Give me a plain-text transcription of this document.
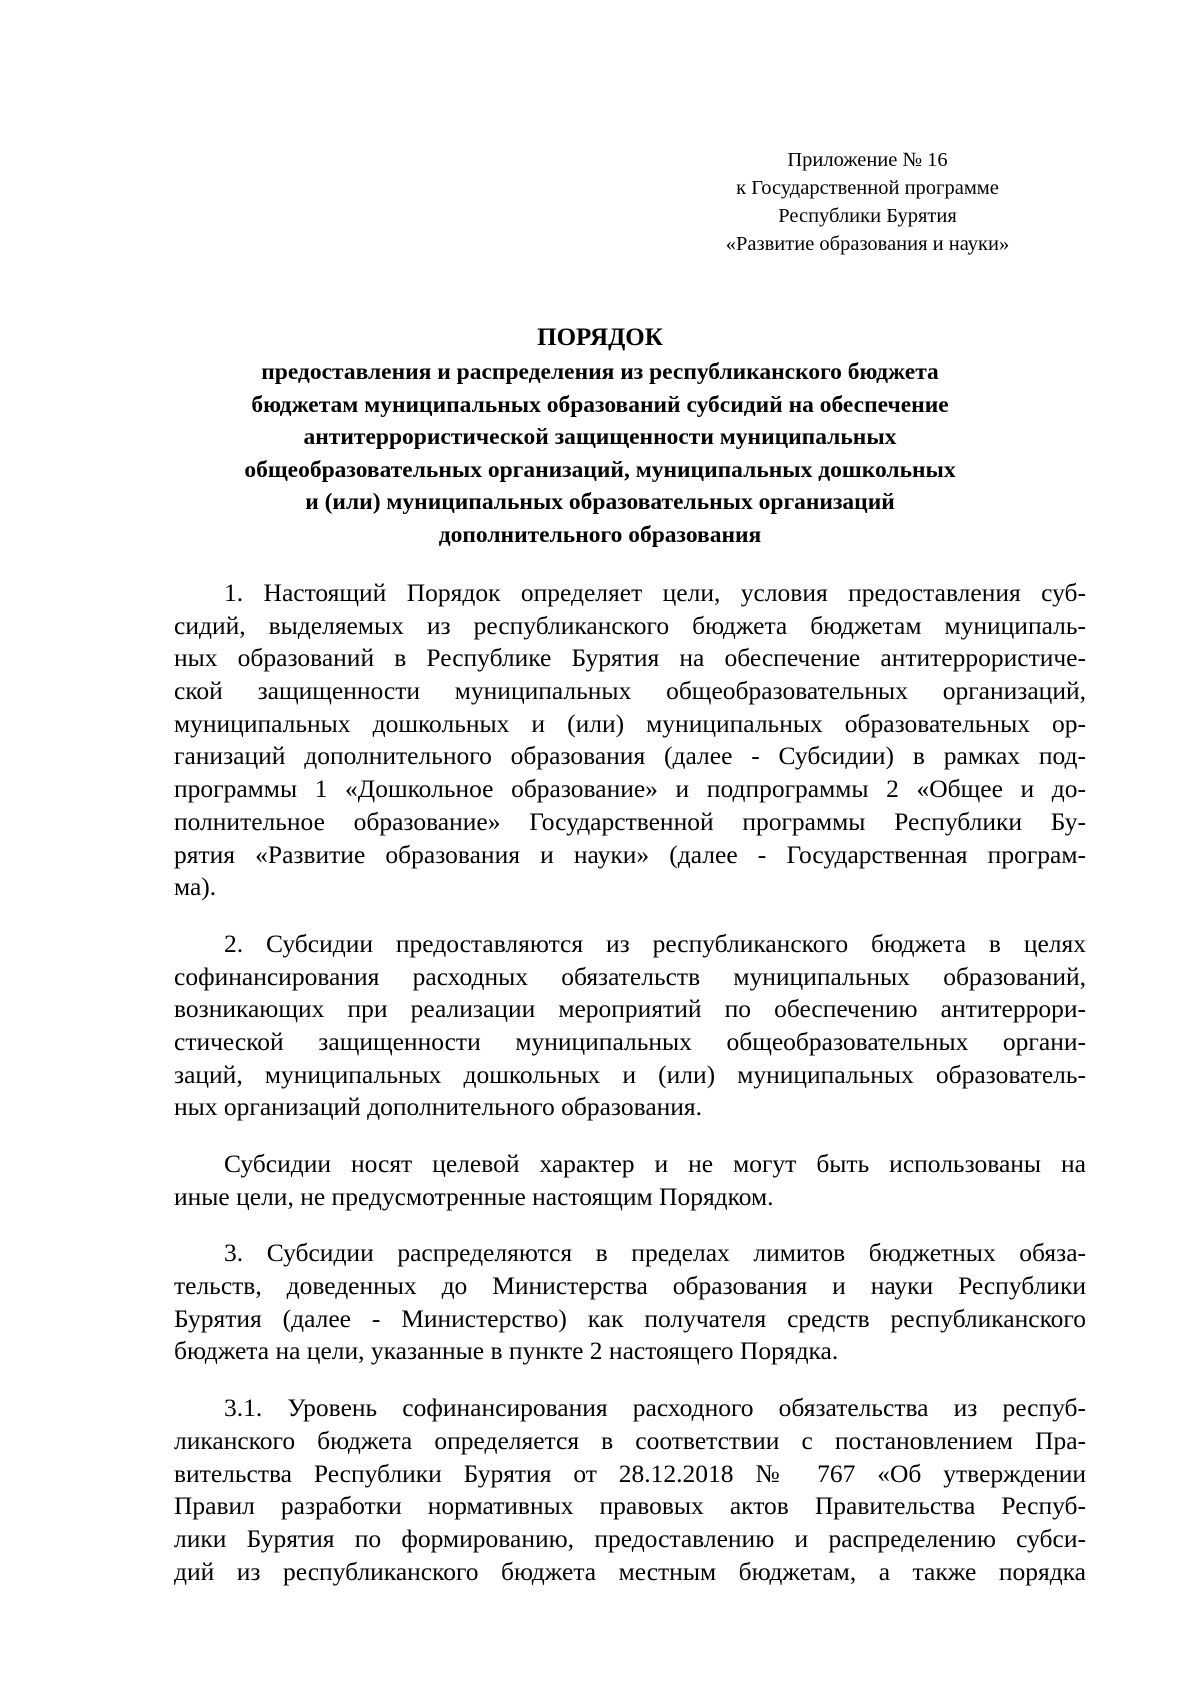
Приложение № 16
к Государственной программе
Республики Бурятия
«Развитие образования и науки»
ПОРЯДОК
предоставления и распределения из республиканского бюджета
бюджетам муниципальных образований субсидий на обеспечение
антитеррористической защищенности муниципальных
общеобразовательных организаций, муниципальных дошкольных
и (или) муниципальных образовательных организаций
дополнительного образования
1. Настоящий Порядок определяет цели, условия предоставления суб-
сидий, выделяемых из республиканского бюджета бюджетам муниципаль-
ных образований в Республике Бурятия на обеспечение антитеррористиче-
ской защищенности муниципальных общеобразовательных организаций,
муниципальных дошкольных и (или) муниципальных образовательных ор-
ганизаций дополнительного образования (далее - Субсидии) в рамках под-
программы 1 «Дошкольное образование» и подпрограммы 2 «Общее и до-
полнительное образование» Государственной программы Республики Бу-
рятия «Развитие образования и науки» (далее - Государственная програм-
ма).
2. Субсидии предоставляются из республиканского бюджета в целях
софинансирования расходных обязательств муниципальных образований,
возникающих при реализации мероприятий по обеспечению антитеррори-
стической защищенности муниципальных общеобразовательных органи-
заций, муниципальных дошкольных и (или) муниципальных образователь-
ных организаций дополнительного образования.
Субсидии носят целевой характер и не могут быть использованы на
иные цели, не предусмотренные настоящим Порядком.
3. Субсидии распределяются в пределах лимитов бюджетных обяза-
тельств, доведенных до Министерства образования и науки Республики
Бурятия (далее - Министерство) как получателя средств республиканского
бюджета на цели, указанные в пункте 2 настоящего Порядка.
3.1. Уровень софинансирования расходного обязательства из респуб-
ликанского бюджета определяется в соответствии с постановлением Пра-
вительства Республики Бурятия от 28.12.2018 № 767 «Об утверждении
Правил разработки нормативных правовых актов Правительства Респуб-
лики Бурятия по формированию, предоставлению и распределению субси-
дий из республиканского бюджета местным бюджетам, а также порядка
